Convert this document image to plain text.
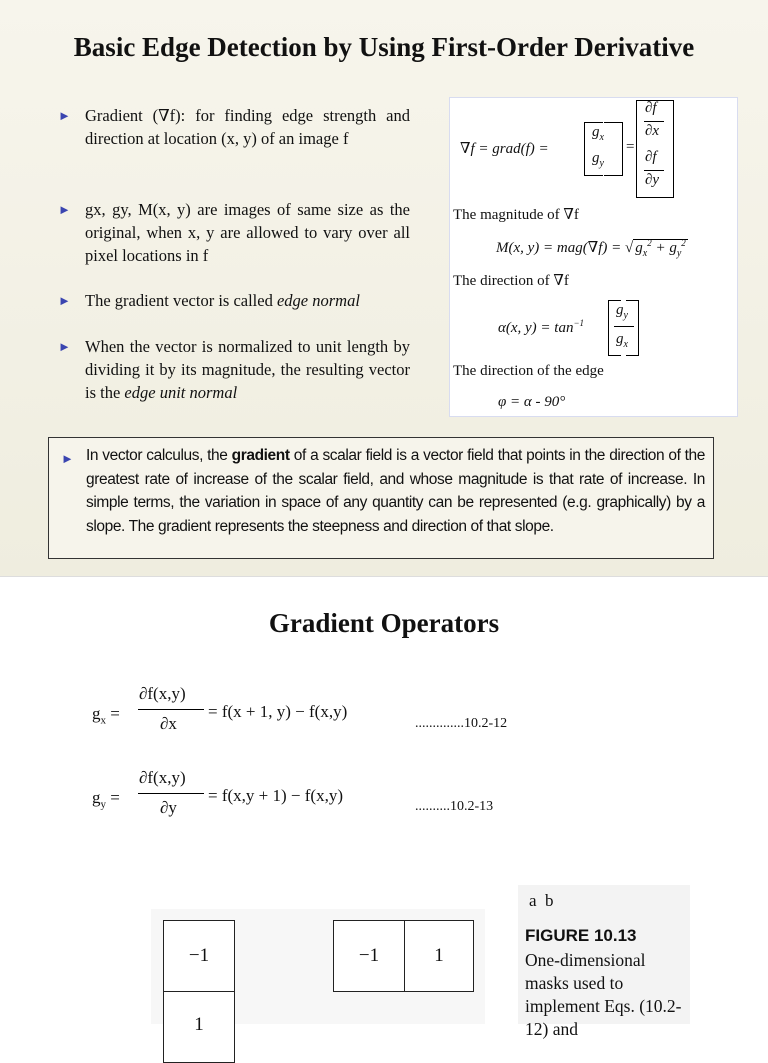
Basic Edge Detection by Using First-Order Derivative
► Gradient (∇f): for finding edge strength and direction at location (x, y) of an image f
► gx, gy, M(x, y) are images of same size as the original, when x, y are allowed to vary over all pixel locations in f
► The gradient vector is called edge normal
► When the vector is normalized to unit length by dividing it by its magnitude, the resulting vector is the edge unit normal
∇f = grad(f) =
$g_x$
$g_y$
=
∂f
∂x
∂f
∂y
The magnitude of ∇f
M(x, y) = mag(∇f) = √ $g_x^2 + g_y^2$
The direction of ∇f
α(x, $y) = \tan^{-1}$
$g_y$
$g_x$
The direction of the edge
φ = α - 90°
► In vector calculus, the gradient of a scalar field is a vector field that points in the direction of the greatest rate of increase of the scalar field, and whose magnitude is that rate of increase. In simple terms, the variation in space of any quantity can be represented (e.g. graphically) by a slope. The gradient represents the steepness and direction of that slope.
Gradient Operators
$g_x$ =
∂f(x,y)
∂x
= f(x + 1, y) − f(x,y)
..............10.2-12
$g_y$ =
∂f(x,y)
∂y
= f(x,y + 1) − f(x,y)
..........10.2-13
−1
1
−1	1
a  b
FIGURE 10.13
One-dimensional masks used to implement Eqs. (10.2-12) and
